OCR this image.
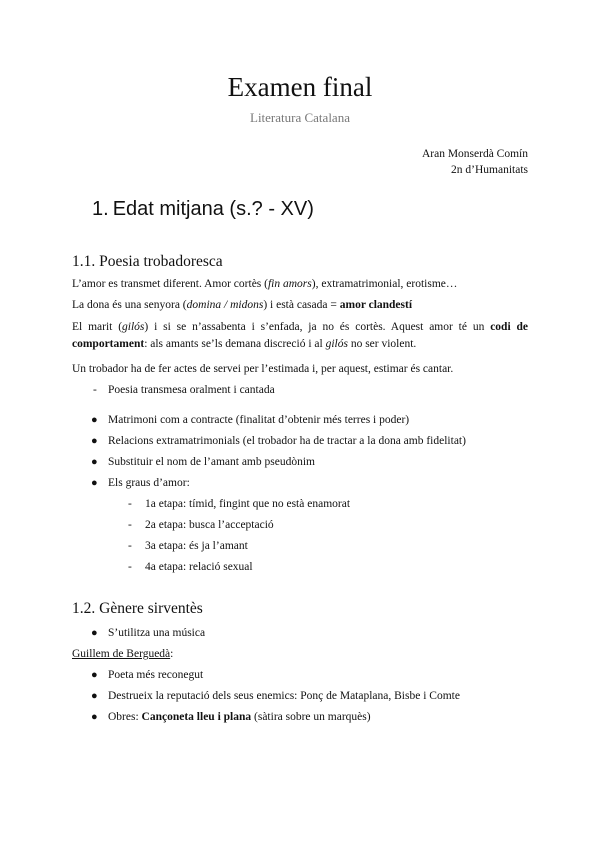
Examen final
Literatura Catalana
Aran Monserdà Comín
2n d’Humanitats
1. Edat mitjana (s.? - XV)
1.1. Poesia trobadoresca
L’amor es transmet diferent. Amor cortès (fin amors), extramatrimonial, erotisme…
La dona és una senyora (domina / midons) i està casada = amor clandestí
El marit (gilós) i si se n’assabenta i s’enfada, ja no és cortès. Aquest amor té un codi de comportament: als amants se’ls demana discreció i al gilós no ser violent.
Un trobador ha de fer actes de servei per l’estimada i, per aquest, estimar és cantar.
- Poesia transmesa oralment i cantada
● Matrimoni com a contracte (finalitat d’obtenir més terres i poder)
● Relacions extramatrimonials (el trobador ha de tractar a la dona amb fidelitat)
● Substituir el nom de l’amant amb pseudònim
● Els graus d’amor:
- 1a etapa: tímid, fingint que no està enamorat
- 2a etapa: busca l’acceptació
- 3a etapa: és ja l’amant
- 4a etapa: relació sexual
1.2. Gènere sirventès
● S’utilitza una música
Guillem de Berguedà:
● Poeta més reconegut
● Destrueix la reputació dels seus enemics: Ponç de Mataplana, Bisbe i Comte
● Obres: Cançoneta lleu i plana (sàtira sobre un marquès)
